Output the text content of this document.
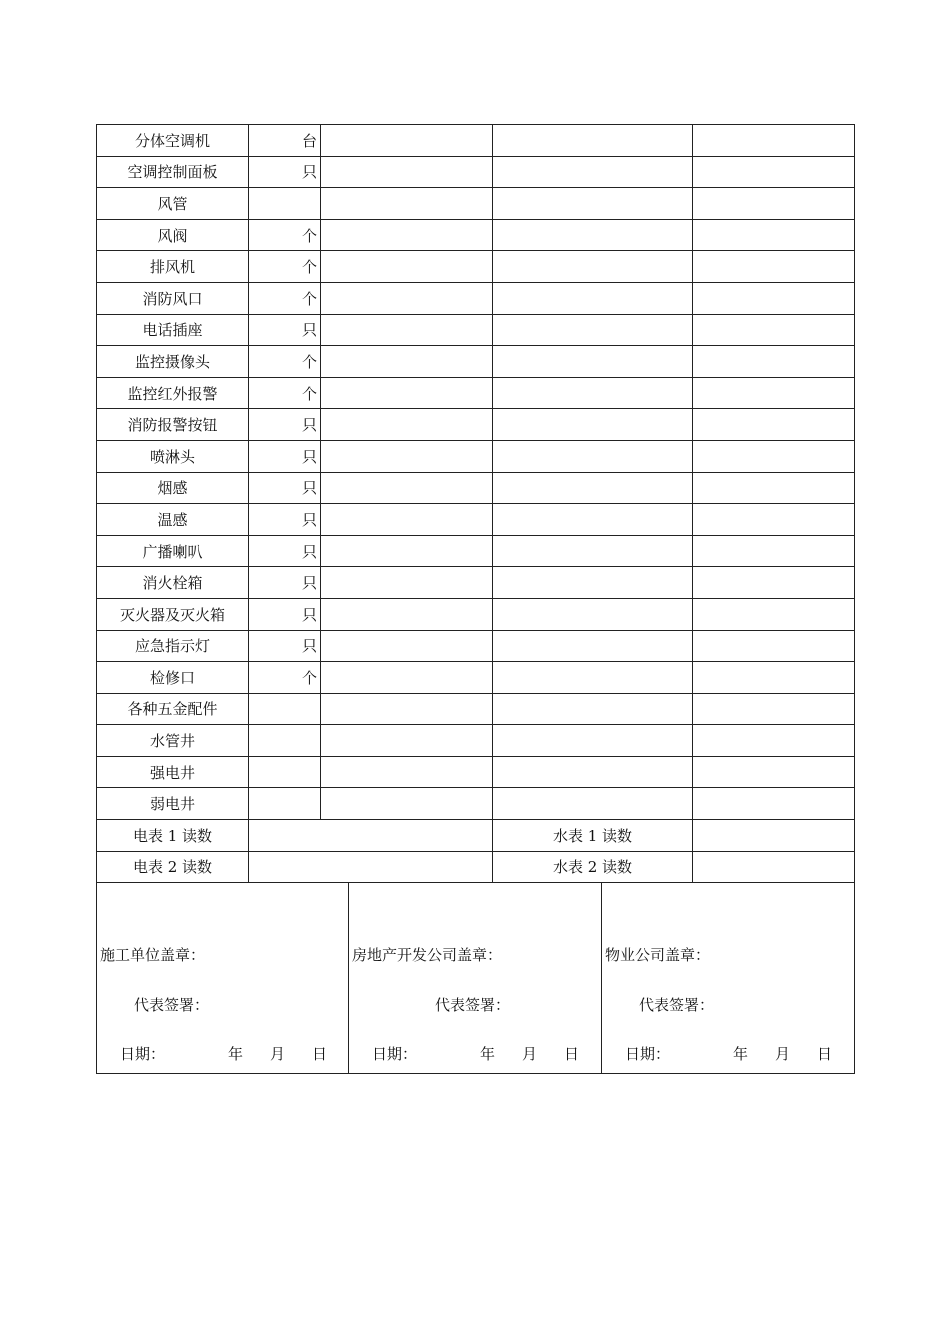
分体空调机	台			
空调控制面板	只			
风管				
风阀	个			
排风机	个			
消防风口	个			
电话插座	只			
监控摄像头	个			
监控红外报警	个			
消防报警按钮	只			
喷淋头	只			
烟感	只			
温感	只			
广播喇叭	只			
消火栓箱	只			
灭火器及灭火箱	只			
应急指示灯	只			
检修口	个			
各种五金配件				
水管井				
强电井				
弱电井				
电表 1 读数			水表 1 读数	
电表 2 读数			水表 2 读数	
施工单位盖章：
代表签署：
日期：	年 月 日

房地产开发公司盖章：
代表签署：
日期：	年 月 日

物业公司盖章：
代表签署：
日期：	年 月 日
